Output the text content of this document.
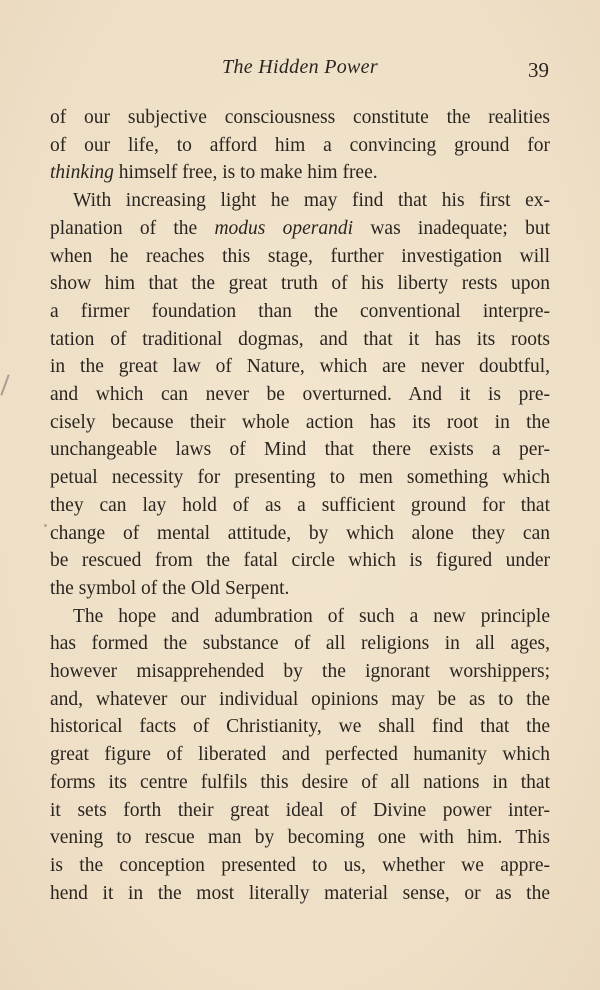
The Hidden Power	39
of our subjective consciousness constitute the realities
of our life, to afford him a convincing ground for
thinking himself free, is to make him free.
With increasing light he may find that his first ex-
planation of the modus operandi was inadequate; but
when he reaches this stage, further investigation will
show him that the great truth of his liberty rests upon
a firmer foundation than the conventional interpre-
tation of traditional dogmas, and that it has its roots
in the great law of Nature, which are never doubtful,
and which can never be overturned. And it is pre-
cisely because their whole action has its root in the
unchangeable laws of Mind that there exists a per-
petual necessity for presenting to men something which
they can lay hold of as a sufficient ground for that
change of mental attitude, by which alone they can
be rescued from the fatal circle which is figured under
the symbol of the Old Serpent.
The hope and adumbration of such a new principle
has formed the substance of all religions in all ages,
however misapprehended by the ignorant worshippers;
and, whatever our individual opinions may be as to the
historical facts of Christianity, we shall find that the
great figure of liberated and perfected humanity which
forms its centre fulfils this desire of all nations in that
it sets forth their great ideal of Divine power inter-
vening to rescue man by becoming one with him. This
is the conception presented to us, whether we appre-
hend it in the most literally material sense, or as the
